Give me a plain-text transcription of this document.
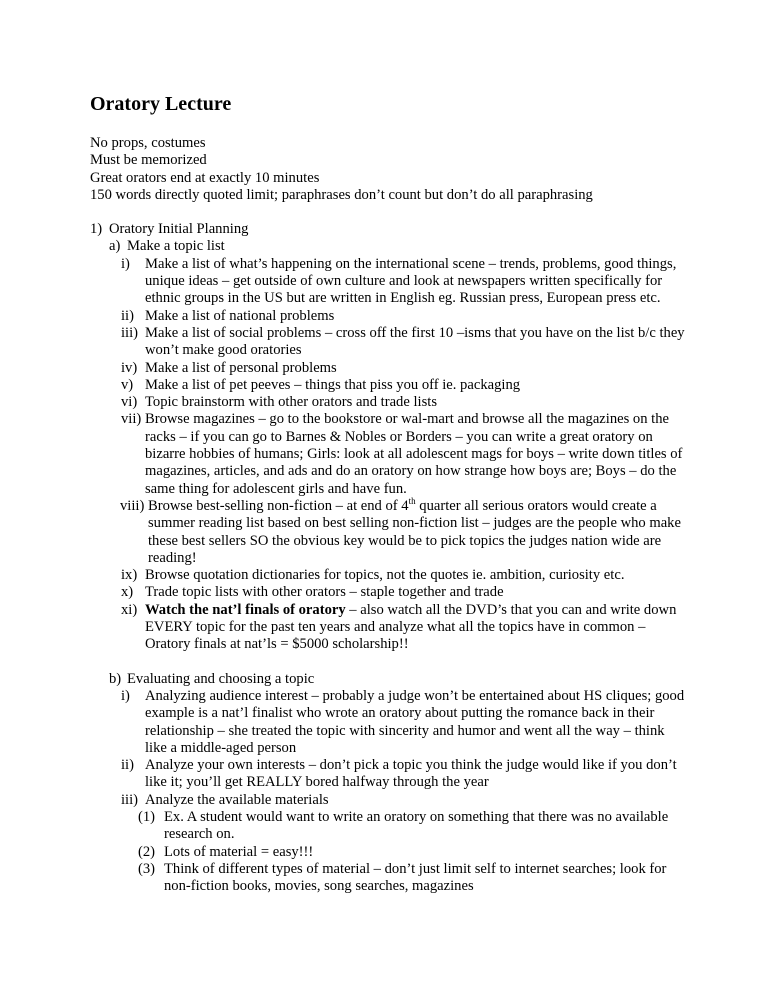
Oratory Lecture

No props, costumes

Must be memorized

Great orators end at exactly 10 minutes

150 words directly quoted limit; paraphrases don’t count but don’t do all paraphrasing

1) Oratory Initial Planning
a) Make a topic list
i) Make a list of what’s happening on the international scene – trends, problems, good things, unique ideas – get outside of own culture and look at newspapers written specifically for ethnic groups in the US but are written in English eg. Russian press, European press etc.
ii) Make a list of national problems
iii) Make a list of social problems – cross off the first 10 –isms that you have on the list b/c they won’t make good oratories
iv) Make a list of personal problems
v) Make a list of pet peeves – things that piss you off ie. packaging
vi) Topic brainstorm with other orators and trade lists
vii) Browse magazines – go to the bookstore or wal-mart and browse all the magazines on the racks – if you can go to Barnes & Nobles or Borders – you can write a great oratory on bizarre hobbies of humans; Girls: look at all adolescent mags for boys – write down titles of magazines, articles, and ads and do an oratory on how strange how boys are; Boys – do the same thing for adolescent girls and have fun.
viii) Browse best-selling non-fiction – at end of 4th quarter all serious orators would create a summer reading list based on best selling non-fiction list – judges are the people who make these best sellers SO the obvious key would be to pick topics the judges nation wide are reading!
ix) Browse quotation dictionaries for topics, not the quotes ie. ambition, curiosity etc.
x) Trade topic lists with other orators – staple together and trade
xi) Watch the nat’l finals of oratory – also watch all the DVD’s that you can and write down EVERY topic for the past ten years and analyze what all the topics have in common – Oratory finals at nat’ls = $5000 scholarship!!
b) Evaluating and choosing a topic
i) Analyzing audience interest – probably a judge won’t be entertained about HS cliques; good example is a nat’l finalist who wrote an oratory about putting the romance back in their relationship – she treated the topic with sincerity and humor and went all the way – think like a middle-aged person
ii) Analyze your own interests – don’t pick a topic you think the judge would like if you don’t like it; you’ll get REALLY bored halfway through the year
iii) Analyze the available materials
(1) Ex. A student would want to write an oratory on something that there was no available research on.
(2) Lots of material = easy!!!
(3) Think of different types of material – don’t just limit self to internet searches; look for non-fiction books, movies, song searches, magazines
